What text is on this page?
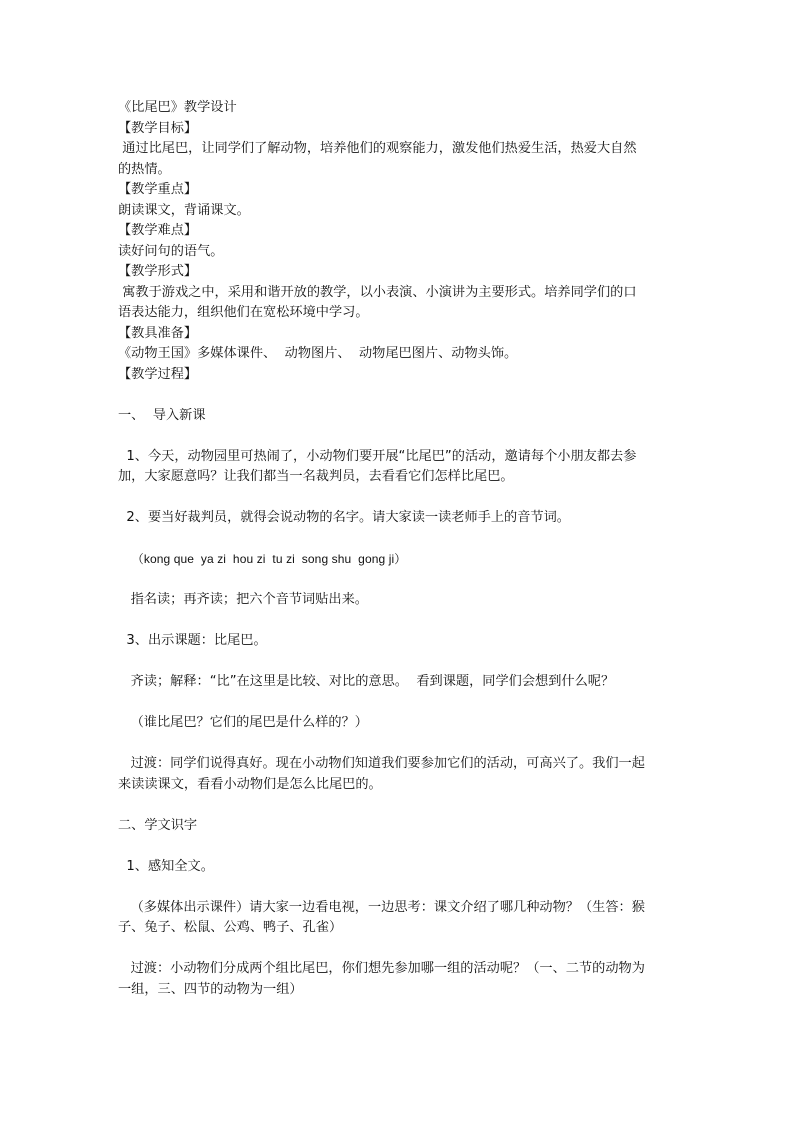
《比尾巴》教学设计

【教学目标】

通过比尾巴，让同学们了解动物，培养他们的观察能力，激发他们热爱生活，热爱大自然

的热情。

【教学重点】

朗读课文，背诵课文。

【教学难点】

读好问句的语气。

【教学形式】

寓教于游戏之中，采用和谐开放的教学，以小表演、小演讲为主要形式。培养同学们的口

语表达能力，组织他们在宽松环境中学习。

【教具准备】

《动物王国》多媒体课件、  动物图片、  动物尾巴图片、动物头饰。

【教学过程】

一、  导入新课

1、今天，动物园里可热闹了，小动物们要开展“比尾巴”的活动，邀请每个小朋友都去参

加，大家愿意吗？让我们都当一名裁判员，去看看它们怎样比尾巴。

2、要当好裁判员，就得会说动物的名字。请大家读一读老师手上的音节词。

（kong que  ya zi  hou zi  tu zi  song shu  gong ji）

指名读；再齐读；把六个音节词贴出来。

3、出示课题：比尾巴。

齐读；解释：“比”在这里是比较、对比的意思。  看到课题，同学们会想到什么呢？

（谁比尾巴？它们的尾巴是什么样的？）

过渡：同学们说得真好。现在小动物们知道我们要参加它们的活动，可高兴了。我们一起

来读读课文，看看小动物们是怎么比尾巴的。

二、学文识字

1、感知全文。

（多媒体出示课件）请大家一边看电视，一边思考：课文介绍了哪几种动物？（生答：猴

子、兔子、松鼠、公鸡、鸭子、孔雀）

过渡：小动物们分成两个组比尾巴，你们想先参加哪一组的活动呢？（一、二节的动物为

一组，三、四节的动物为一组）
